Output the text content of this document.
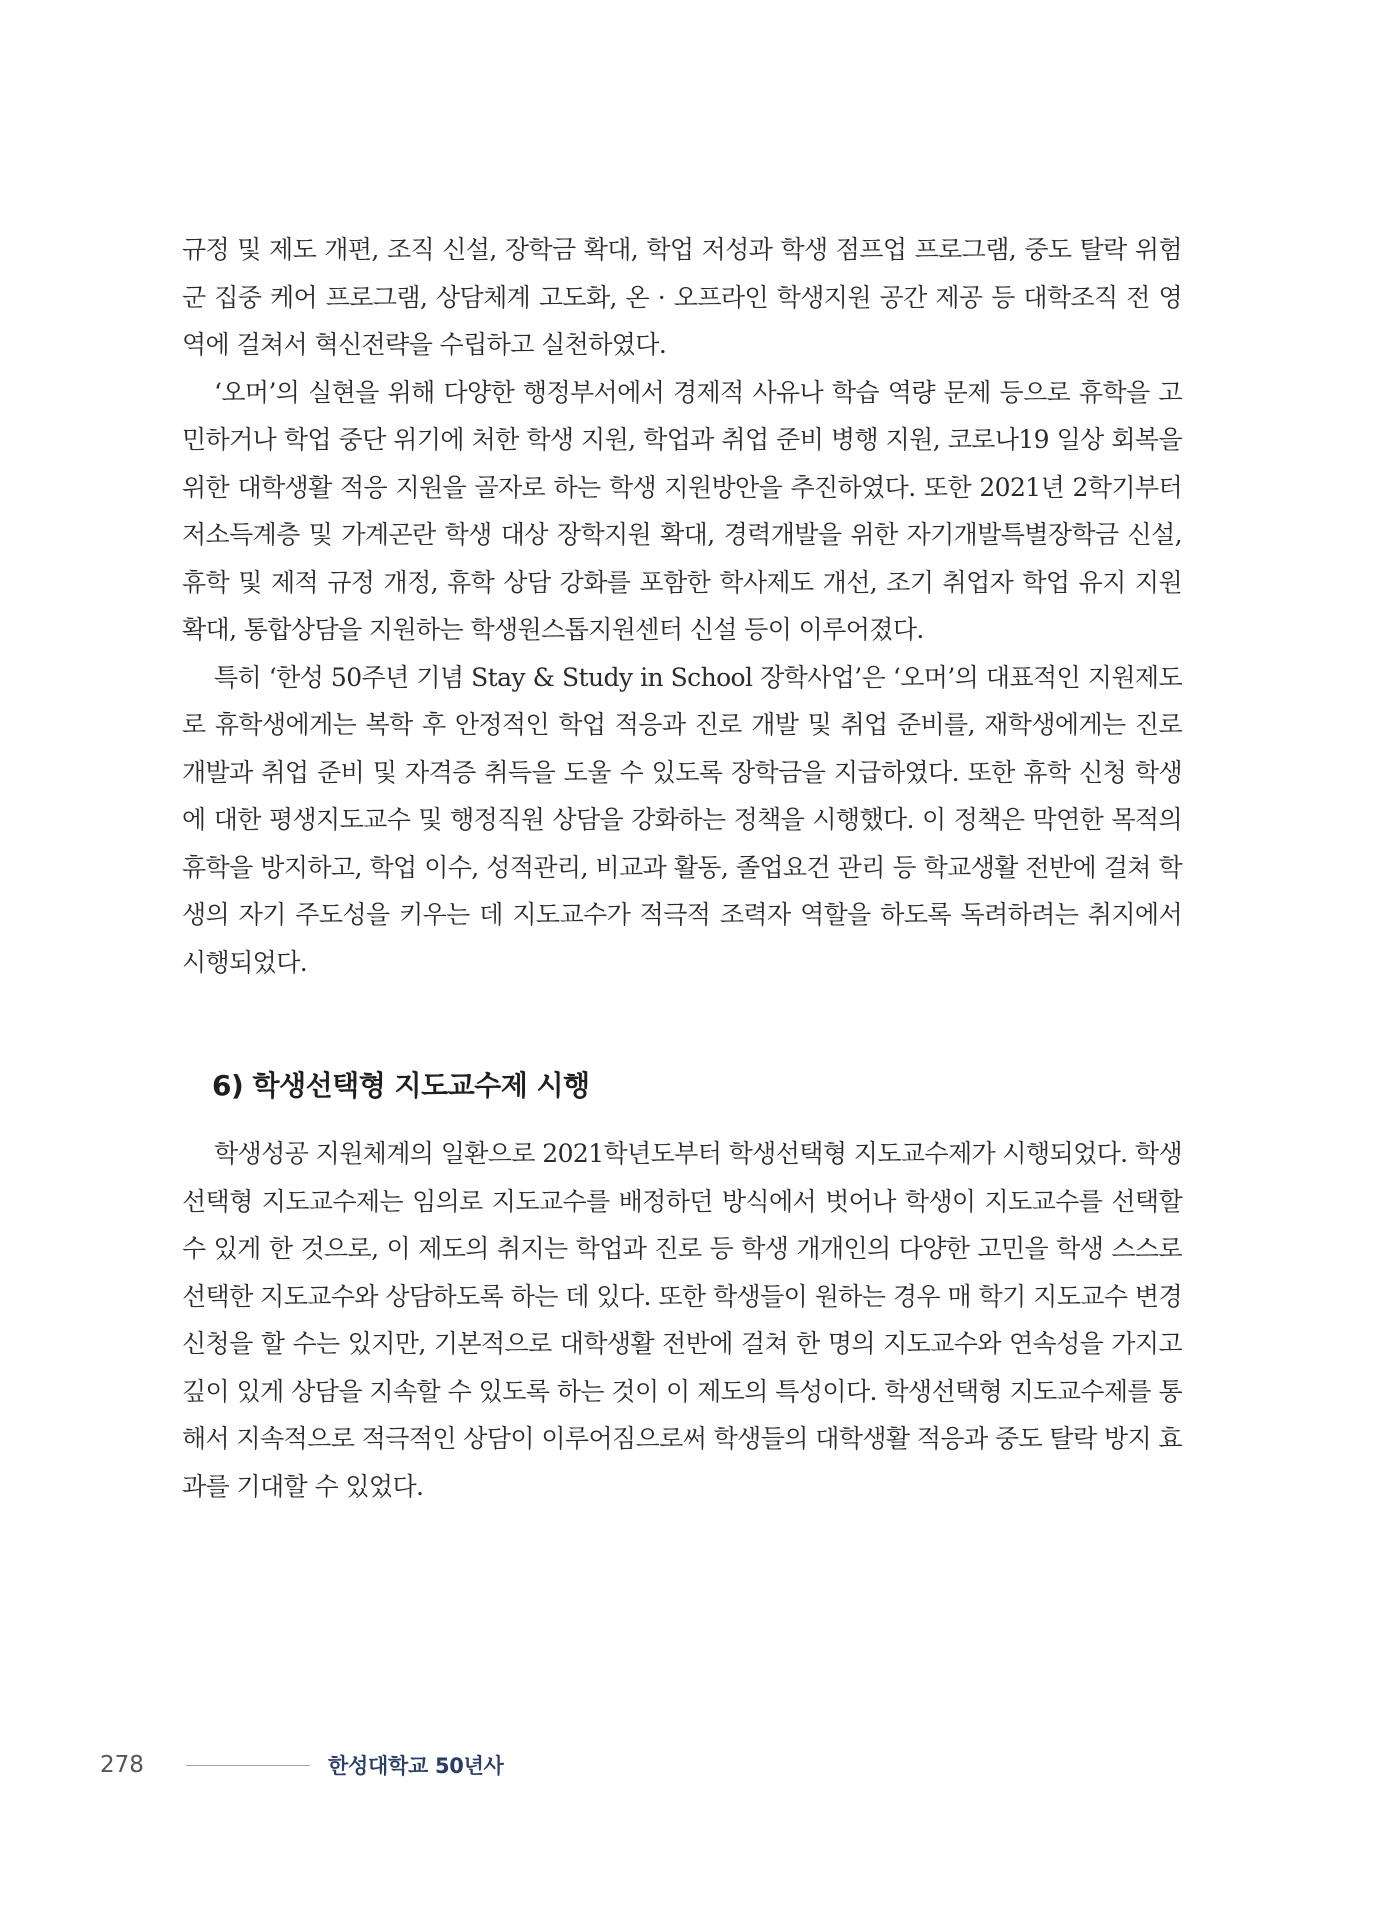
규정 및 제도 개편, 조직 신설, 장학금 확대, 학업 저성과 학생 점프업 프로그램, 중도 탈락 위험군 집중 케어 프로그램, 상담체계 고도화, 온 · 오프라인 학생지원 공간 제공 등 대학조직 전 영역에 걸쳐서 혁신전략을 수립하고 실천하였다.

‘오머’의 실현을 위해 다양한 행정부서에서 경제적 사유나 학습 역량 문제 등으로 휴학을 고민하거나 학업 중단 위기에 처한 학생 지원, 학업과 취업 준비 병행 지원, 코로나19 일상 회복을 위한 대학생활 적응 지원을 골자로 하는 학생 지원방안을 추진하였다. 또한 2021년 2학기부터 저소득계층 및 가계곤란 학생 대상 장학지원 확대, 경력개발을 위한 자기개발특별장학금 신설, 휴학 및 제적 규정 개정, 휴학 상담 강화를 포함한 학사제도 개선, 조기 취업자 학업 유지 지원 확대, 통합상담을 지원하는 학생원스톱지원센터 신설 등이 이루어졌다.

특히 ‘한성 50주년 기념 Stay & Study in School 장학사업’은 ‘오머’의 대표적인 지원제도로 휴학생에게는 복학 후 안정적인 학업 적응과 진로 개발 및 취업 준비를, 재학생에게는 진로 개발과 취업 준비 및 자격증 취득을 도울 수 있도록 장학금을 지급하였다. 또한 휴학 신청 학생에 대한 평생지도교수 및 행정직원 상담을 강화하는 정책을 시행했다. 이 정책은 막연한 목적의 휴학을 방지하고, 학업 이수, 성적관리, 비교과 활동, 졸업요건 관리 등 학교생활 전반에 걸쳐 학생의 자기 주도성을 키우는 데 지도교수가 적극적 조력자 역할을 하도록 독려하려는 취지에서 시행되었다.

6) 학생선택형 지도교수제 시행

학생성공 지원체계의 일환으로 2021학년도부터 학생선택형 지도교수제가 시행되었다. 학생선택형 지도교수제는 임의로 지도교수를 배정하던 방식에서 벗어나 학생이 지도교수를 선택할 수 있게 한 것으로, 이 제도의 취지는 학업과 진로 등 학생 개개인의 다양한 고민을 학생 스스로 선택한 지도교수와 상담하도록 하는 데 있다. 또한 학생들이 원하는 경우 매 학기 지도교수 변경 신청을 할 수는 있지만, 기본적으로 대학생활 전반에 걸쳐 한 명의 지도교수와 연속성을 가지고 깊이 있게 상담을 지속할 수 있도록 하는 것이 이 제도의 특성이다. 학생선택형 지도교수제를 통해서 지속적으로 적극적인 상담이 이루어짐으로써 학생들의 대학생활 적응과 중도 탈락 방지 효과를 기대할 수 있었다.

278	한성대학교 50년사
